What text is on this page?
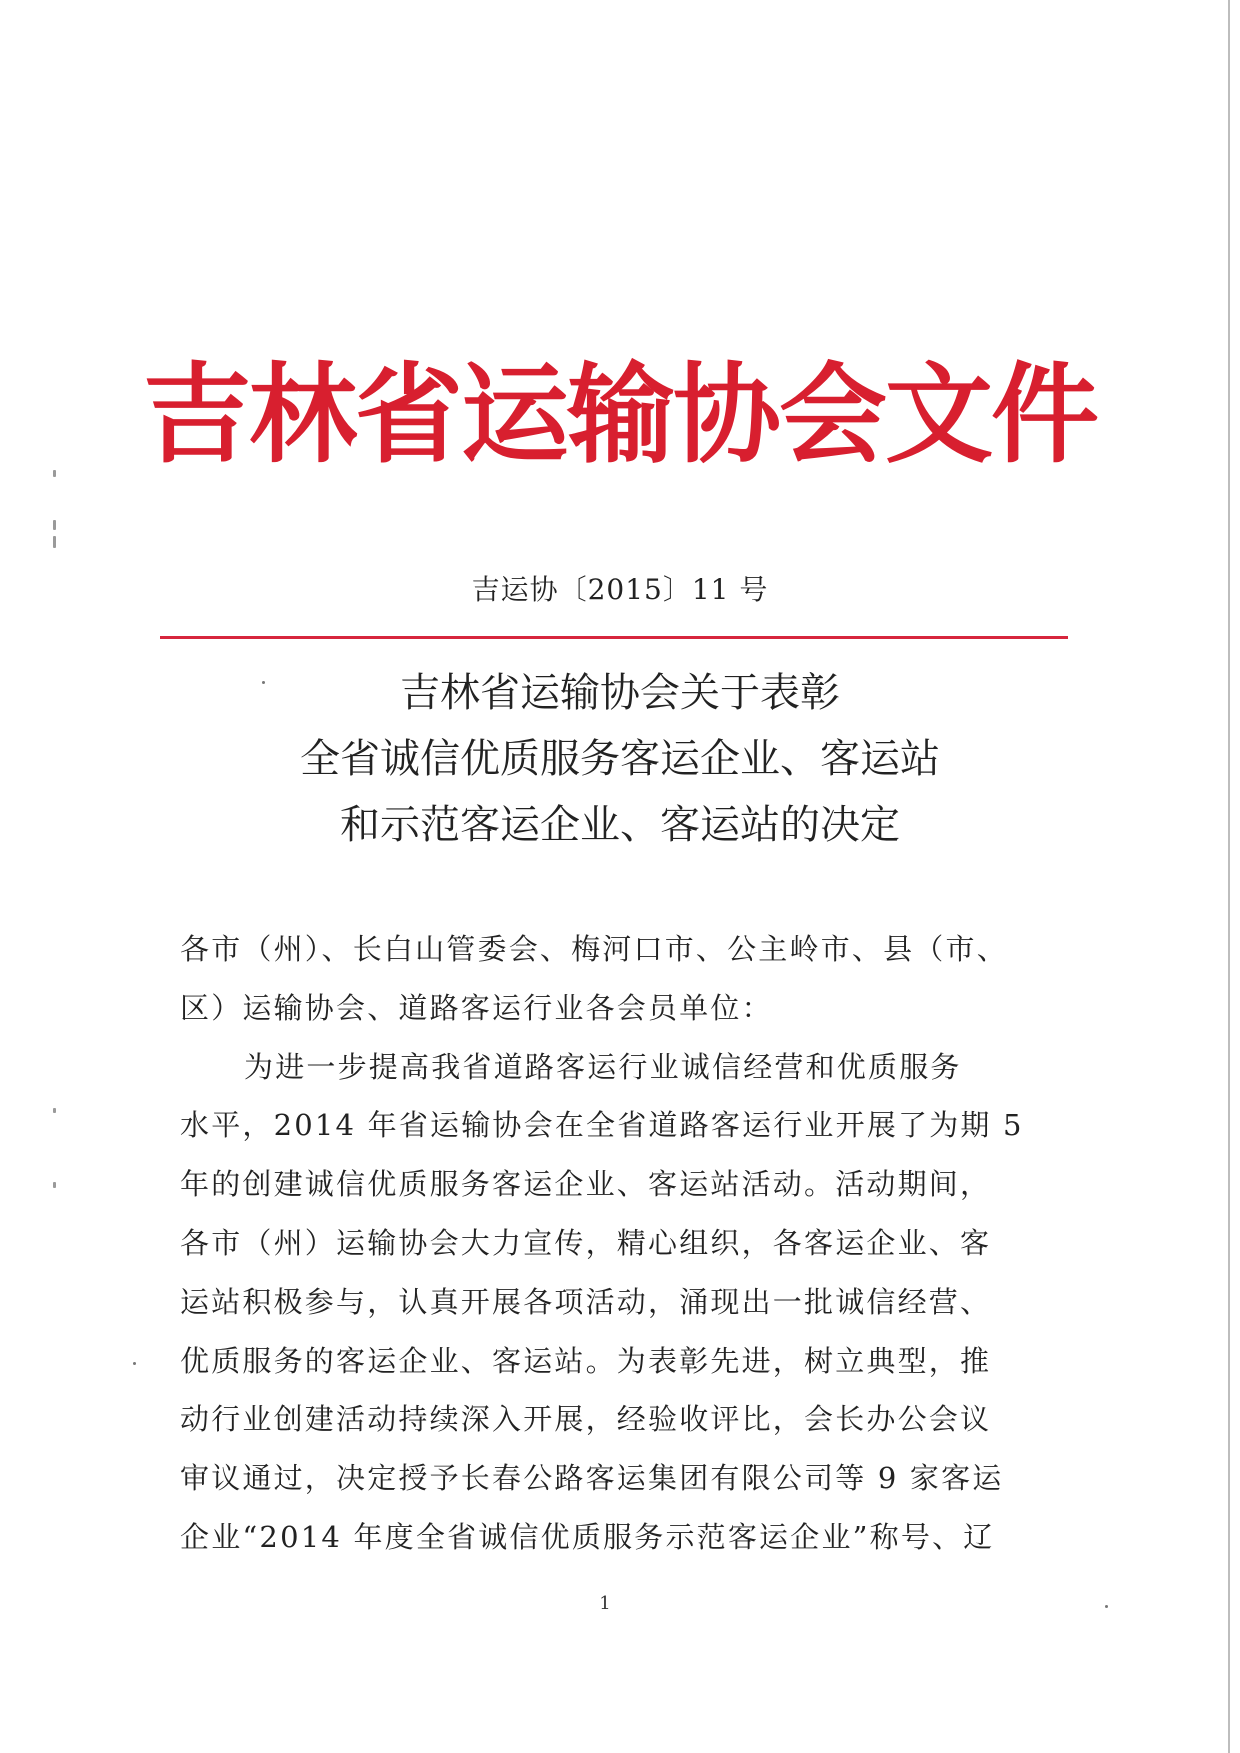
吉林省运输协会文件
吉运协〔2015〕11 号
吉林省运输协会关于表彰
全省诚信优质服务客运企业、客运站
和示范客运企业、客运站的决定
各市（州）、长白山管委会、梅河口市、公主岭市、县（市、
区）运输协会、道路客运行业各会员单位：
为进一步提高我省道路客运行业诚信经营和优质服务
水平，2014 年省运输协会在全省道路客运行业开展了为期 5
年的创建诚信优质服务客运企业、客运站活动。活动期间，
各市（州）运输协会大力宣传，精心组织，各客运企业、客
运站积极参与，认真开展各项活动，涌现出一批诚信经营、
优质服务的客运企业、客运站。为表彰先进，树立典型，推
动行业创建活动持续深入开展，经验收评比，会长办公会议
审议通过，决定授予长春公路客运集团有限公司等 9 家客运
企业“2014 年度全省诚信优质服务示范客运企业”称号、辽
1
